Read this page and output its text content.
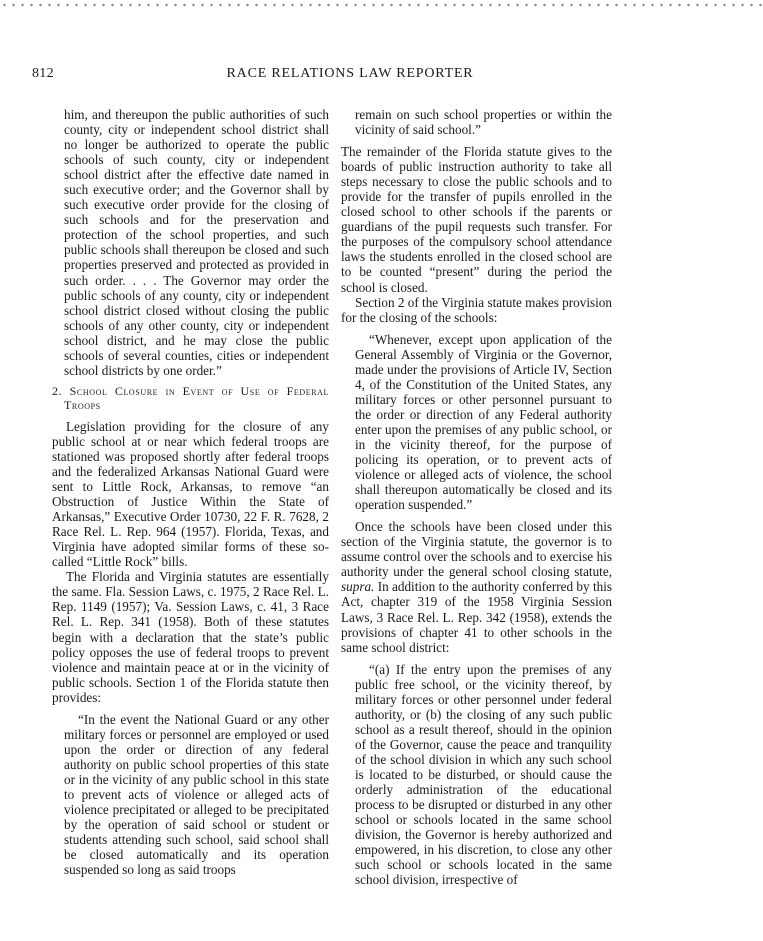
812	RACE RELATIONS LAW REPORTER

him, and thereupon the public authorities of such county, city or independent school district shall no longer be authorized to operate the public schools of such county, city or independent school district after the effective date named in such executive order; and the Governor shall by such executive order provide for the closing of such schools and for the preservation and protection of the school properties, and such public schools shall thereupon be closed and such properties preserved and protected as provided in such order. . . . The Governor may order the public schools of any county, city or independent school district closed without closing the public schools of any other county, city or independent school district, and he may close the public schools of several counties, cities or independent school districts by one order.”

2. School Closure in Event of Use of Federal Troops

Legislation providing for the closure of any public school at or near which federal troops are stationed was proposed shortly after federal troops and the federalized Arkansas National Guard were sent to Little Rock, Arkansas, to remove “an Obstruction of Justice Within the State of Arkansas,” Executive Order 10730, 22 F. R. 7628, 2 Race Rel. L. Rep. 964 (1957). Florida, Texas, and Virginia have adopted similar forms of these so-called “Little Rock” bills.

The Florida and Virginia statutes are essentially the same. Fla. Session Laws, c. 1975, 2 Race Rel. L. Rep. 1149 (1957); Va. Session Laws, c. 41, 3 Race Rel. L. Rep. 341 (1958). Both of these statutes begin with a declaration that the state’s public policy opposes the use of federal troops to prevent violence and maintain peace at or in the vicinity of public schools. Section 1 of the Florida statute then provides:

“In the event the National Guard or any other military forces or personnel are employed or used upon the order or direction of any federal authority on public school properties of this state or in the vicinity of any public school in this state to prevent acts of violence or alleged acts of violence precipitated or alleged to be precipitated by the operation of said school or student or students attending such school, said school shall be closed automatically and its operation suspended so long as said troops

remain on such school properties or within the vicinity of said school.”

The remainder of the Florida statute gives to the boards of public instruction authority to take all steps necessary to close the public schools and to provide for the transfer of pupils enrolled in the closed school to other schools if the parents or guardians of the pupil requests such transfer. For the purposes of the compulsory school attendance laws the students enrolled in the closed school are to be counted “present” during the period the school is closed.

Section 2 of the Virginia statute makes provision for the closing of the schools:

“Whenever, except upon application of the General Assembly of Virginia or the Governor, made under the provisions of Article IV, Section 4, of the Constitution of the United States, any military forces or other personnel pursuant to the order or direction of any Federal authority enter upon the premises of any public school, or in the vicinity thereof, for the purpose of policing its operation, or to prevent acts of violence or alleged acts of violence, the school shall thereupon automatically be closed and its operation suspended.”

Once the schools have been closed under this section of the Virginia statute, the governor is to assume control over the schools and to exercise his authority under the general school closing statute, supra. In addition to the authority conferred by this Act, chapter 319 of the 1958 Virginia Session Laws, 3 Race Rel. L. Rep. 342 (1958), extends the provisions of chapter 41 to other schools in the same school district:

“(a) If the entry upon the premises of any public free school, or the vicinity thereof, by military forces or other personnel under federal authority, or (b) the closing of any such public school as a result thereof, should in the opinion of the Governor, cause the peace and tranquility of the school division in which any such school is located to be disturbed, or should cause the orderly administration of the educational process to be disrupted or disturbed in any other school or schools located in the same school division, the Governor is hereby authorized and empowered, in his discretion, to close any other such school or schools located in the same school division, irrespective of
